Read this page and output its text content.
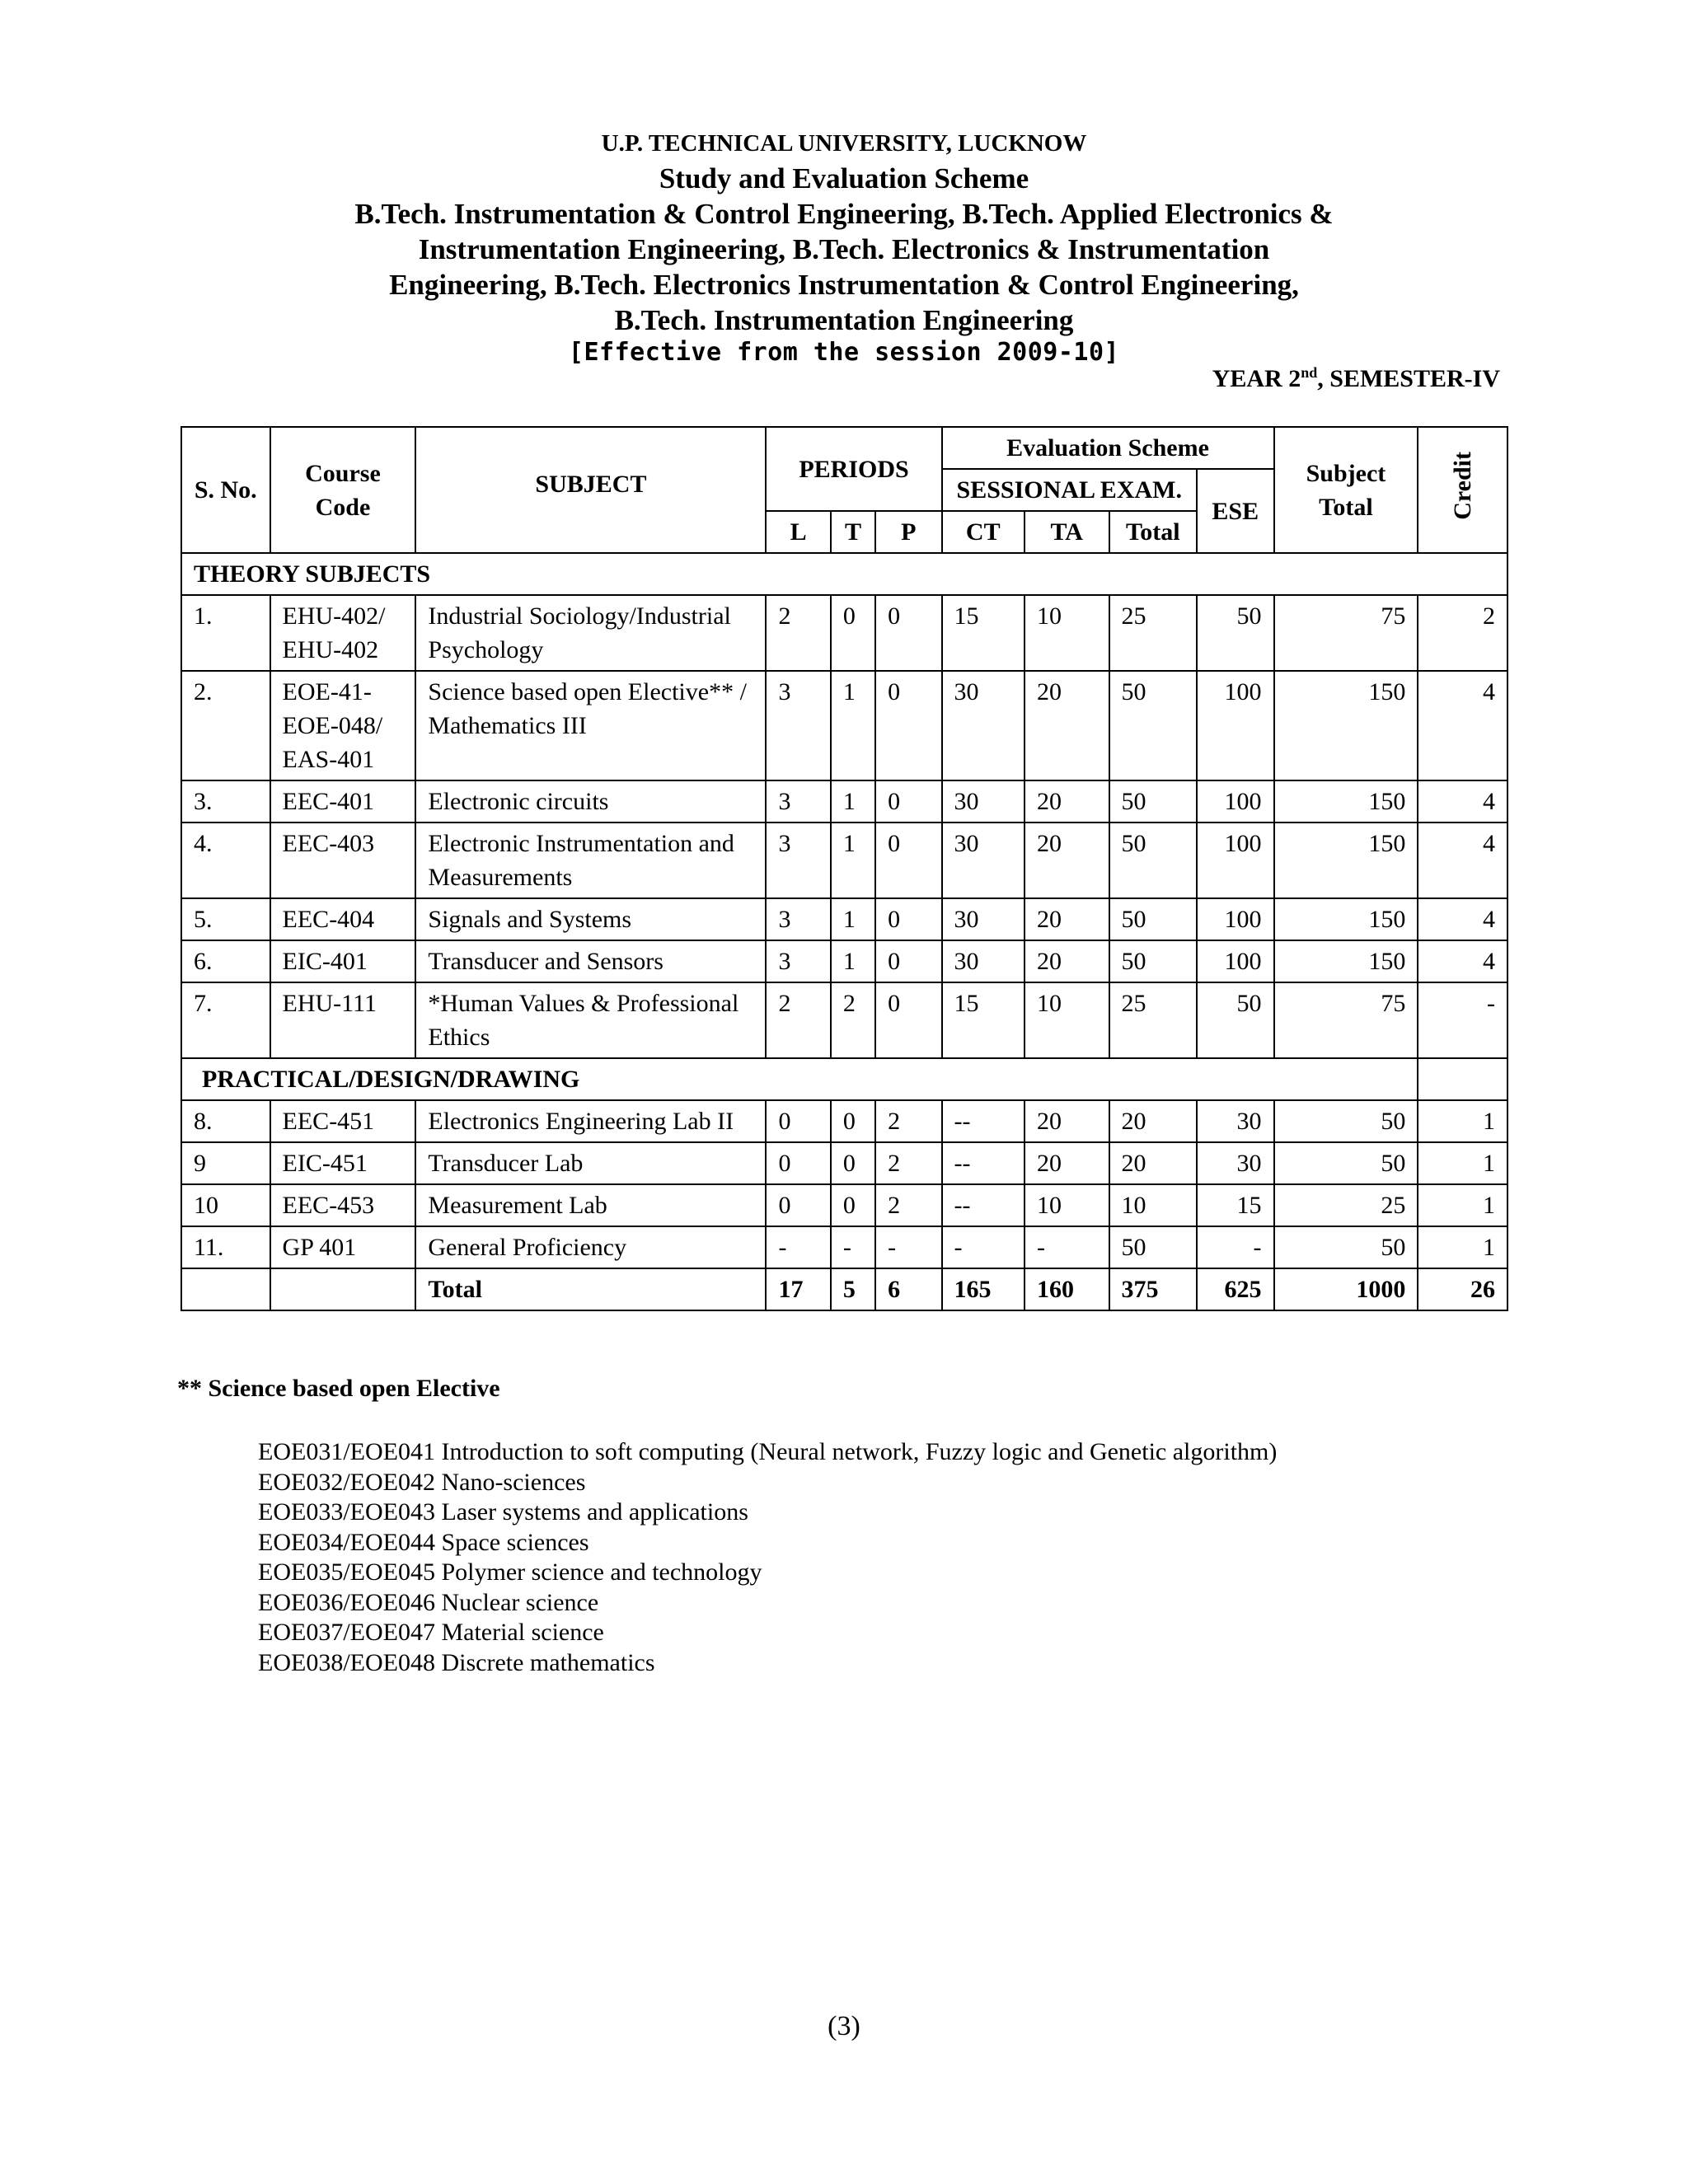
U.P. TECHNICAL UNIVERSITY, LUCKNOW
Study and Evaluation Scheme
B.Tech. Instrumentation & Control Engineering, B.Tech. Applied Electronics &
Instrumentation Engineering, B.Tech. Electronics & Instrumentation
Engineering, B.Tech. Electronics Instrumentation & Control Engineering,
B.Tech. Instrumentation Engineering
[Effective from the session 2009-10]
YEAR 2nd, SEMESTER-IV
S. No.	Course Code	SUBJECT	PERIODS			Evaluation Scheme				Subject Total	Credit
						SESSIONAL EXAM.			ESE		
			L	T	P	CT	TA	Total			
THEORY SUBJECTS											
1.	EHU-402/ EHU-402	Industrial Sociology/Industrial Psychology	2	0	0	15	10	25	50	75	2
2.	EOE-41- EOE-048/ EAS-401	Science based open Elective** / Mathematics III	3	1	0	30	20	50	100	150	4
3.	EEC-401	Electronic circuits	3	1	0	30	20	50	100	150	4
4.	EEC-403	Electronic Instrumentation and Measurements	3	1	0	30	20	50	100	150	4
5.	EEC-404	Signals and Systems	3	1	0	30	20	50	100	150	4
6.	EIC-401	Transducer and Sensors	3	1	0	30	20	50	100	150	4
7.	EHU-111	*Human Values & Professional Ethics	2	2	0	15	10	25	50	75	-
PRACTICAL/DESIGN/DRAWING											
8.	EEC-451	Electronics Engineering Lab II	0	0	2	--	20	20	30	50	1
9	EIC-451	Transducer Lab	0	0	2	--	20	20	30	50	1
10	EEC-453	Measurement Lab	0	0	2	--	10	10	15	25	1
11.	GP 401	General Proficiency	-	-	-	-	-	50	-	50	1
		Total	17	5	6	165	160	375	625	1000	26
** Science based open Elective
EOE031/EOE041 Introduction to soft computing (Neural network, Fuzzy logic and Genetic algorithm)
EOE032/EOE042 Nano-sciences
EOE033/EOE043 Laser systems and applications
EOE034/EOE044 Space sciences
EOE035/EOE045 Polymer science and technology
EOE036/EOE046 Nuclear science
EOE037/EOE047 Material science
EOE038/EOE048 Discrete mathematics
(3)
